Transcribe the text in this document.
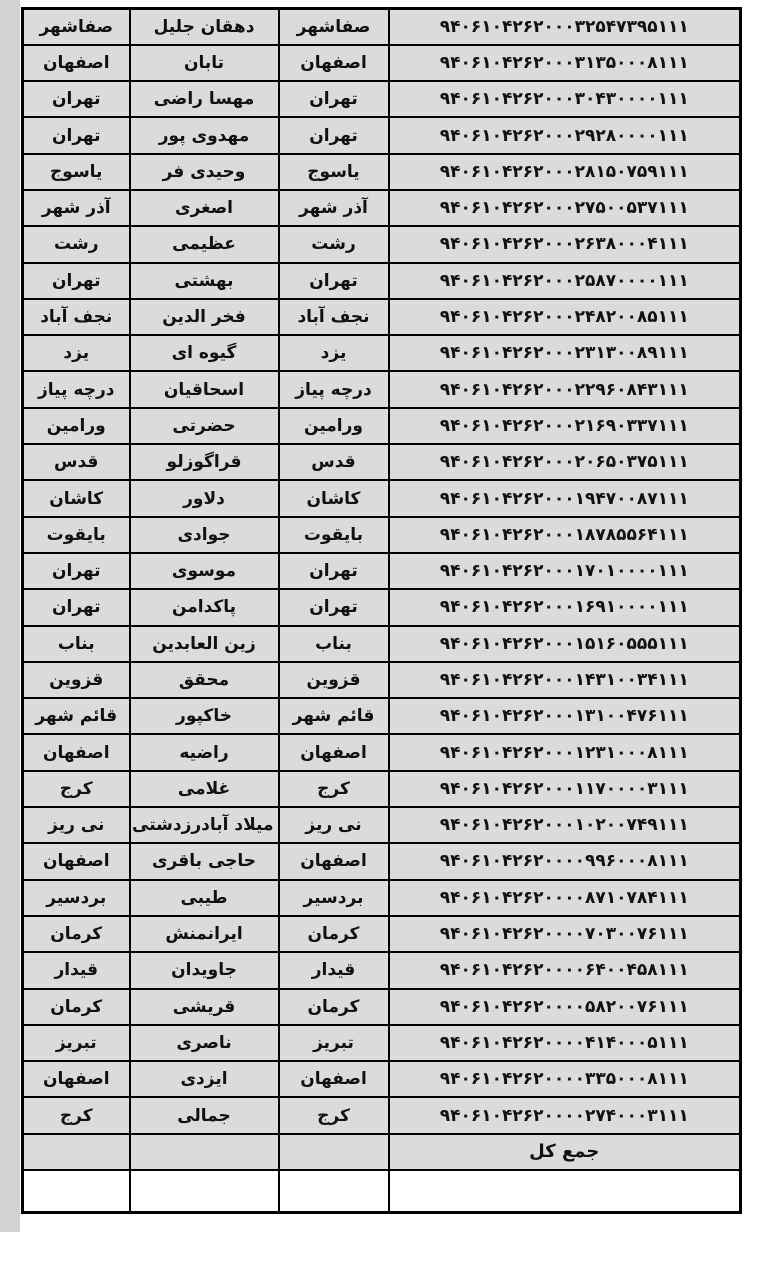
۹۴۰۶۱۰۴۲۶۲۰۰۰۳۲۵۴۷۳۹۵۱۱۱	صفاشهر	دهقان جلیل	صفاشهر
۹۴۰۶۱۰۴۲۶۲۰۰۰۳۱۳۵۰۰۰۸۱۱۱	اصفهان	تابان	اصفهان
۹۴۰۶۱۰۴۲۶۲۰۰۰۳۰۴۳۰۰۰۰۱۱۱	تهران	مهسا راضی	تهران
۹۴۰۶۱۰۴۲۶۲۰۰۰۲۹۲۸۰۰۰۰۱۱۱	تهران	مهدوی پور	تهران
۹۴۰۶۱۰۴۲۶۲۰۰۰۲۸۱۵۰۷۵۹۱۱۱	یاسوج	وحیدی فر	یاسوج
۹۴۰۶۱۰۴۲۶۲۰۰۰۲۷۵۰۰۵۳۷۱۱۱	آذر شهر	اصغری	آذر شهر
۹۴۰۶۱۰۴۲۶۲۰۰۰۲۶۳۸۰۰۰۴۱۱۱	رشت	عظیمی	رشت
۹۴۰۶۱۰۴۲۶۲۰۰۰۲۵۸۷۰۰۰۰۱۱۱	تهران	بهشتی	تهران
۹۴۰۶۱۰۴۲۶۲۰۰۰۲۴۸۲۰۰۸۵۱۱۱	نجف آباد	فخر الدین	نجف آباد
۹۴۰۶۱۰۴۲۶۲۰۰۰۲۳۱۳۰۰۸۹۱۱۱	یزد	گیوه ای	یزد
۹۴۰۶۱۰۴۲۶۲۰۰۰۲۲۹۶۰۸۴۳۱۱۱	درچه پیاز	اسحاقیان	درچه پیاز
۹۴۰۶۱۰۴۲۶۲۰۰۰۲۱۶۹۰۳۳۷۱۱۱	ورامین	حضرتی	ورامین
۹۴۰۶۱۰۴۲۶۲۰۰۰۲۰۶۵۰۳۷۵۱۱۱	قدس	قراگوزلو	قدس
۹۴۰۶۱۰۴۲۶۲۰۰۰۱۹۴۷۰۰۸۷۱۱۱	کاشان	دلاور	کاشان
۹۴۰۶۱۰۴۲۶۲۰۰۰۱۸۷۸۵۵۶۴۱۱۱	بایقوت	جوادی	بایقوت
۹۴۰۶۱۰۴۲۶۲۰۰۰۱۷۰۱۰۰۰۰۱۱۱	تهران	موسوی	تهران
۹۴۰۶۱۰۴۲۶۲۰۰۰۱۶۹۱۰۰۰۰۱۱۱	تهران	پاکدامن	تهران
۹۴۰۶۱۰۴۲۶۲۰۰۰۱۵۱۶۰۵۵۵۱۱۱	بناب	زین العابدین	بناب
۹۴۰۶۱۰۴۲۶۲۰۰۰۱۴۳۱۰۰۳۴۱۱۱	قزوین	محقق	قزوین
۹۴۰۶۱۰۴۲۶۲۰۰۰۱۳۱۰۰۴۷۶۱۱۱	قائم شهر	خاکپور	قائم شهر
۹۴۰۶۱۰۴۲۶۲۰۰۰۱۲۳۱۰۰۰۸۱۱۱	اصفهان	راضیه	اصفهان
۹۴۰۶۱۰۴۲۶۲۰۰۰۱۱۷۰۰۰۰۳۱۱۱	کرج	غلامی	کرج
۹۴۰۶۱۰۴۲۶۲۰۰۰۱۰۲۰۰۷۴۹۱۱۱	نی ریز	میلاد آبادرزدشتی	نی ریز
۹۴۰۶۱۰۴۲۶۲۰۰۰۰۹۹۶۰۰۰۸۱۱۱	اصفهان	حاجی باقری	اصفهان
۹۴۰۶۱۰۴۲۶۲۰۰۰۰۸۷۱۰۷۸۴۱۱۱	بردسیر	طیبی	بردسیر
۹۴۰۶۱۰۴۲۶۲۰۰۰۰۷۰۳۰۰۷۶۱۱۱	کرمان	ایرانمنش	کرمان
۹۴۰۶۱۰۴۲۶۲۰۰۰۰۶۴۰۰۴۵۸۱۱۱	قیدار	جاویدان	قیدار
۹۴۰۶۱۰۴۲۶۲۰۰۰۰۵۸۲۰۰۷۶۱۱۱	کرمان	قریشی	کرمان
۹۴۰۶۱۰۴۲۶۲۰۰۰۰۴۱۴۰۰۰۵۱۱۱	تبریز	ناصری	تبریز
۹۴۰۶۱۰۴۲۶۲۰۰۰۰۳۳۵۰۰۰۸۱۱۱	اصفهان	ایزدی	اصفهان
۹۴۰۶۱۰۴۲۶۲۰۰۰۰۲۷۴۰۰۰۳۱۱۱	کرج	جمالی	کرج
جمع کل			
